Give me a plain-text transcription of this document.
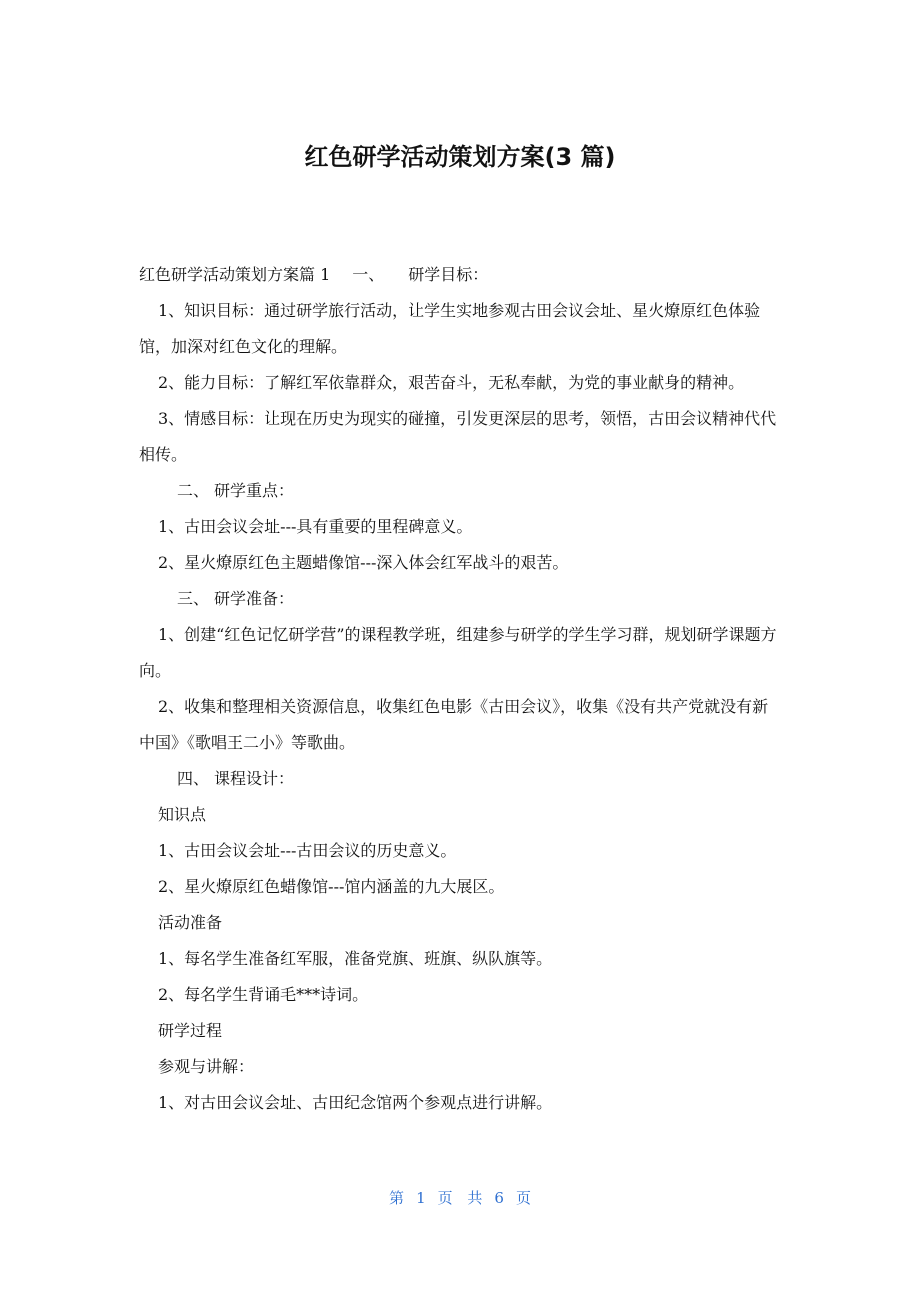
红色研学活动策划方案(3 篇)

红色研学活动策划方案篇 1 一、 研学目标：

1、知识目标：通过研学旅行活动，让学生实地参观古田会议会址、星火燎原红色体验馆，加深对红色文化的理解。

2、能力目标：了解红军依靠群众，艰苦奋斗，无私奉献，为党的事业献身的精神。

3、情感目标：让现在历史为现实的碰撞，引发更深层的思考，领悟，古田会议精神代代相传。

二、 研学重点：

1、古田会议会址---具有重要的里程碑意义。

2、星火燎原红色主题蜡像馆---深入体会红军战斗的艰苦。

三、 研学准备：

1、创建“红色记忆研学营”的课程教学班，组建参与研学的学生学习群，规划研学课题方向。

2、收集和整理相关资源信息，收集红色电影《古田会议》，收集《没有共产党就没有新中国》《歌唱王二小》等歌曲。

四、 课程设计：

知识点

1、古田会议会址---古田会议的历史意义。

2、星火燎原红色蜡像馆---馆内涵盖的九大展区。

活动准备

1、每名学生准备红军服，准备党旗、班旗、纵队旗等。

2、每名学生背诵毛***诗词。

研学过程

参观与讲解：

1、对古田会议会址、古田纪念馆两个参观点进行讲解。

第 1 页 共 6 页
